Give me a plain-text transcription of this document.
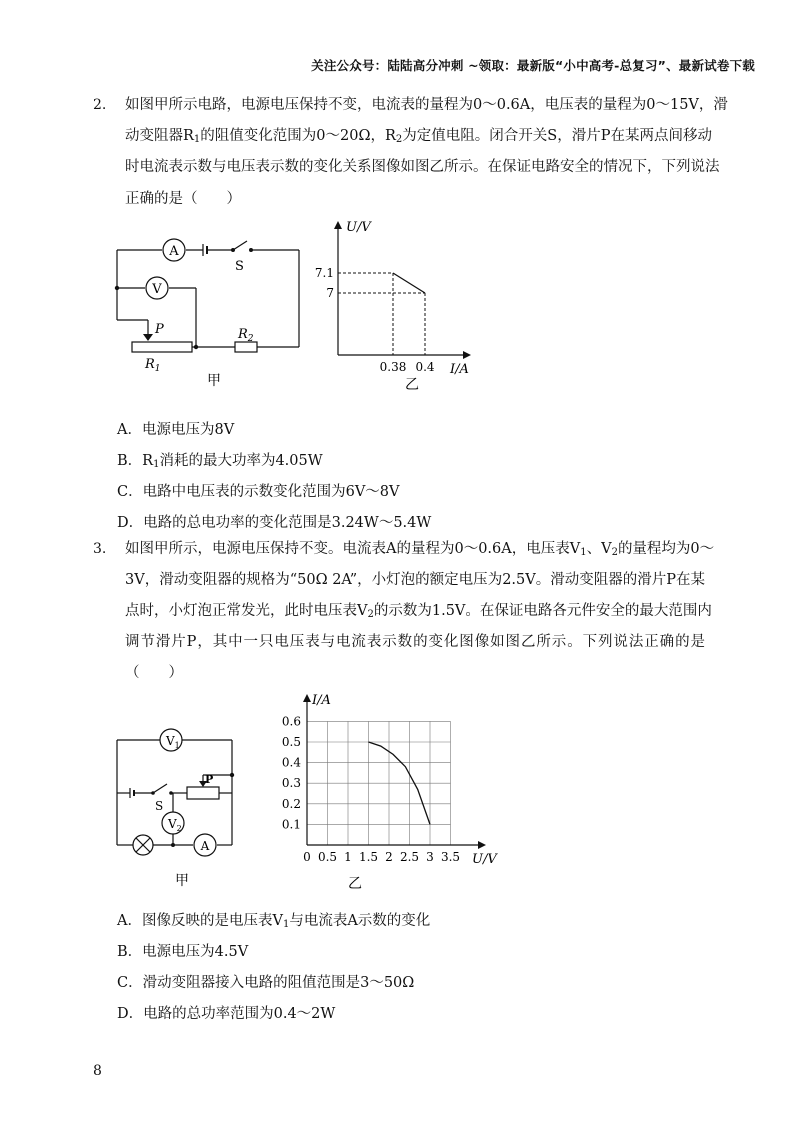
关注公众号：陆陆高分冲刺 ~领取：最新版“小中高考-总复习”、最新试卷下载
2. 如图甲所示电路，电源电压保持不变，电流表的量程为0～0.6A，电压表的量程为0～15V，滑
动变阻器$R_1$的阻值变化范围为0～20Ω，$R_2$为定值电阻。闭合开关S，滑片P在某两点间移动
时电流表示数与电压表示数的变化关系图像如图乙所示。在保证电路安全的情况下，下列说法
正确的是（　　）
A
S
V
P
$R_1$
$R_2$
甲
U/V
I/A
7.1
7
0.38 0.4
乙
A．电源电压为8V
B．$R_1$消耗的最大功率为4.05W
C．电路中电压表的示数变化范围为6V～8V
D．电路的总电功率的变化范围是3.24W～5.4W
3. 如图甲所示，电源电压保持不变。电流表A的量程为0～0.6A，电压表$V_1$、$V_2$的量程均为0～
3V，滑动变阻器的规格为“50Ω 2A”，小灯泡的额定电压为2.5V。滑动变阻器的滑片P在某
点时，小灯泡正常发光，此时电压表$V_2$的示数为1.5V。在保证电路各元件安全的最大范围内
调节滑片P，其中一只电压表与电流表示数的变化图像如图乙所示。下列说法正确的是
（　　）
$V_1$
P
S
$V_2$
A
甲
I/A
U/V
0 0.5 1 1.5 2 2.5 3 3.5
0.1
0.2
0.3
0.4
0.5
0.6
乙
A．图像反映的是电压表$V_1$与电流表A示数的变化
B．电源电压为4.5V
C．滑动变阻器接入电路的阻值范围是3～50Ω
D．电路的总功率范围为0.4～2W
8
